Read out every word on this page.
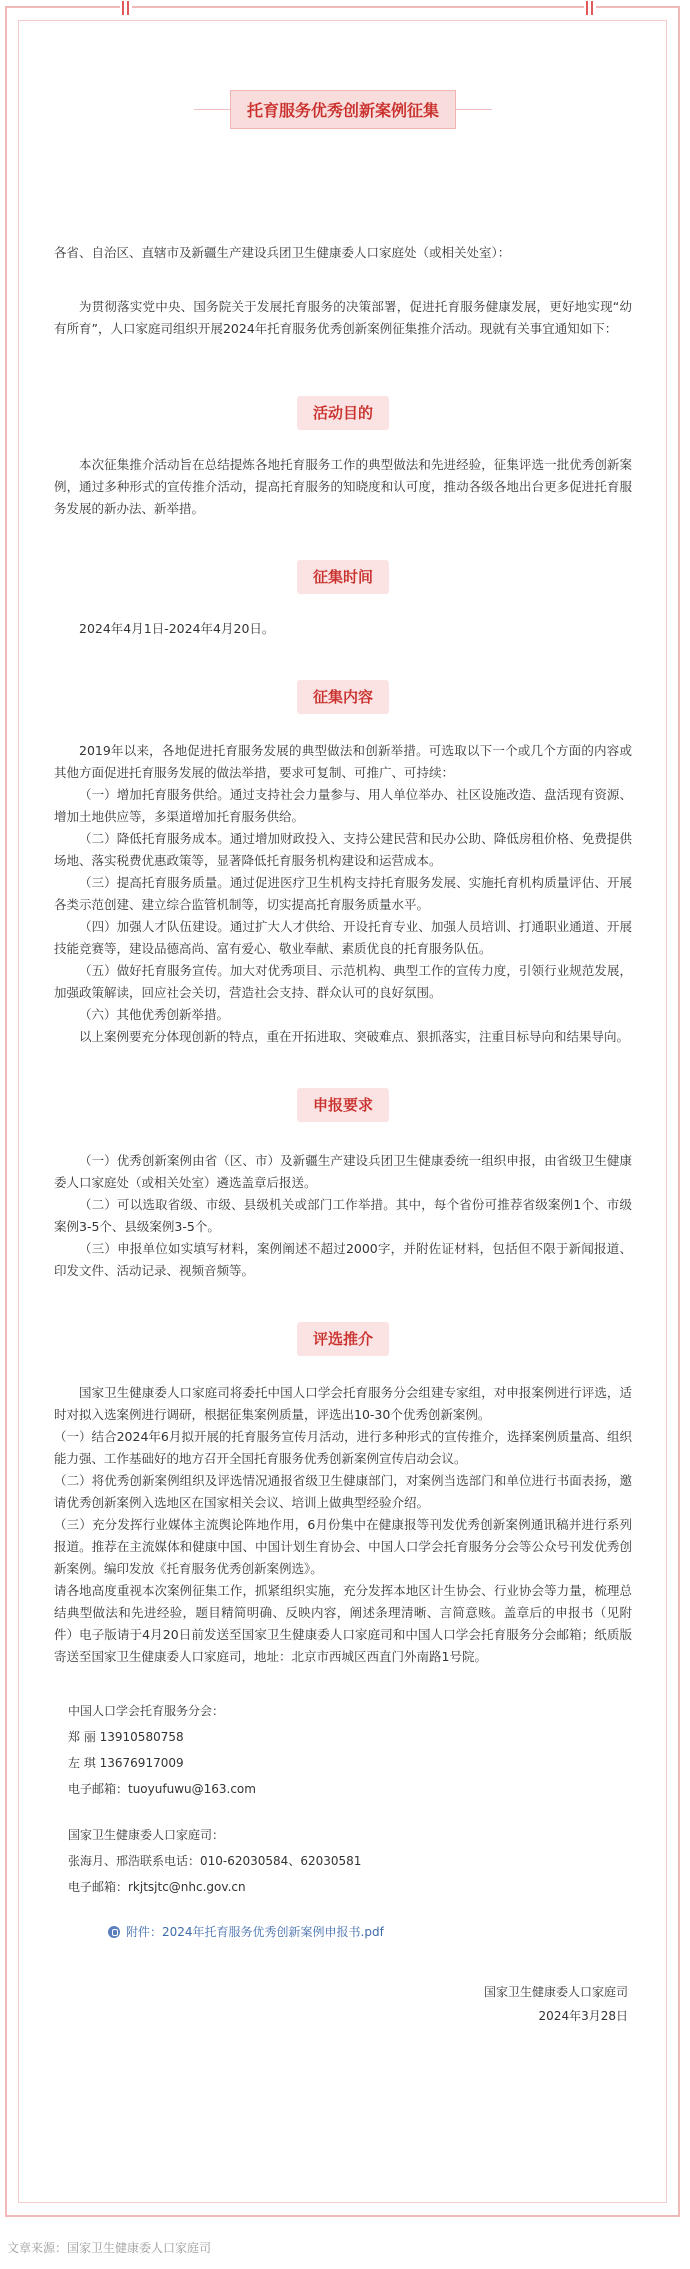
托育服务优秀创新案例征集

各省、自治区、直辖市及新疆生产建设兵团卫生健康委人口家庭处（或相关处室）：

为贯彻落实党中央、国务院关于发展托育服务的决策部署，促进托育服务健康发展，更好地实现“幼有所育”，人口家庭司组织开展2024年托育服务优秀创新案例征集推介活动。现就有关事宜通知如下：

活动目的

本次征集推介活动旨在总结提炼各地托育服务工作的典型做法和先进经验，征集评选一批优秀创新案例，通过多种形式的宣传推介活动，提高托育服务的知晓度和认可度，推动各级各地出台更多促进托育服务发展的新办法、新举措。

征集时间

2024年4月1日-2024年4月20日。

征集内容

2019年以来，各地促进托育服务发展的典型做法和创新举措。可选取以下一个或几个方面的内容或其他方面促进托育服务发展的做法举措，要求可复制、可推广、可持续：

（一）增加托育服务供给。通过支持社会力量参与、用人单位举办、社区设施改造、盘活现有资源、增加土地供应等，多渠道增加托育服务供给。

（二）降低托育服务成本。通过增加财政投入、支持公建民营和民办公助、降低房租价格、免费提供场地、落实税费优惠政策等，显著降低托育服务机构建设和运营成本。

（三）提高托育服务质量。通过促进医疗卫生机构支持托育服务发展、实施托育机构质量评估、开展各类示范创建、建立综合监管机制等，切实提高托育服务质量水平。

（四）加强人才队伍建设。通过扩大人才供给、开设托育专业、加强人员培训、打通职业通道、开展技能竞赛等，建设品德高尚、富有爱心、敬业奉献、素质优良的托育服务队伍。

（五）做好托育服务宣传。加大对优秀项目、示范机构、典型工作的宣传力度，引领行业规范发展，加强政策解读，回应社会关切，营造社会支持、群众认可的良好氛围。

（六）其他优秀创新举措。

以上案例要充分体现创新的特点，重在开拓进取、突破难点、狠抓落实，注重目标导向和结果导向。

申报要求

（一）优秀创新案例由省（区、市）及新疆生产建设兵团卫生健康委统一组织申报，由省级卫生健康委人口家庭处（或相关处室）遴选盖章后报送。

（二）可以选取省级、市级、县级机关或部门工作举措。其中，每个省份可推荐省级案例1个、市级案例3-5个、县级案例3-5个。

（三）申报单位如实填写材料，案例阐述不超过2000字，并附佐证材料，包括但不限于新闻报道、印发文件、活动记录、视频音频等。

评选推介

国家卫生健康委人口家庭司将委托中国人口学会托育服务分会组建专家组，对申报案例进行评选，适时对拟入选案例进行调研，根据征集案例质量，评选出10-30个优秀创新案例。

（一）结合2024年6月拟开展的托育服务宣传月活动，进行多种形式的宣传推介，选择案例质量高、组织能力强、工作基础好的地方召开全国托育服务优秀创新案例宣传启动会议。

（二）将优秀创新案例组织及评选情况通报省级卫生健康部门，对案例当选部门和单位进行书面表扬，邀请优秀创新案例入选地区在国家相关会议、培训上做典型经验介绍。

（三）充分发挥行业媒体主流舆论阵地作用，6月份集中在健康报等刊发优秀创新案例通讯稿并进行系列报道。推荐在主流媒体和健康中国、中国计划生育协会、中国人口学会托育服务分会等公众号刊发优秀创新案例。编印发放《托育服务优秀创新案例选》。

请各地高度重视本次案例征集工作，抓紧组织实施，充分发挥本地区计生协会、行业协会等力量，梳理总结典型做法和先进经验，题目精简明确、反映内容，阐述条理清晰、言简意赅。盖章后的申报书（见附件）电子版请于4月20日前发送至国家卫生健康委人口家庭司和中国人口学会托育服务分会邮箱；纸质版寄送至国家卫生健康委人口家庭司，地址：北京市西城区西直门外南路1号院。

中国人口学会托育服务分会：
郑 丽 13910580758
左 琪 13676917009
电子邮箱：tuoyufuwu@163.com
国家卫生健康委人口家庭司：
张海月、邢浩联系电话：010-62030584、62030581
电子邮箱：rkjtsjtc@nhc.gov.cn
附件：2024年托育服务优秀创新案例申报书.pdf
国家卫生健康委人口家庭司
2024年3月28日
文章来源：国家卫生健康委人口家庭司
